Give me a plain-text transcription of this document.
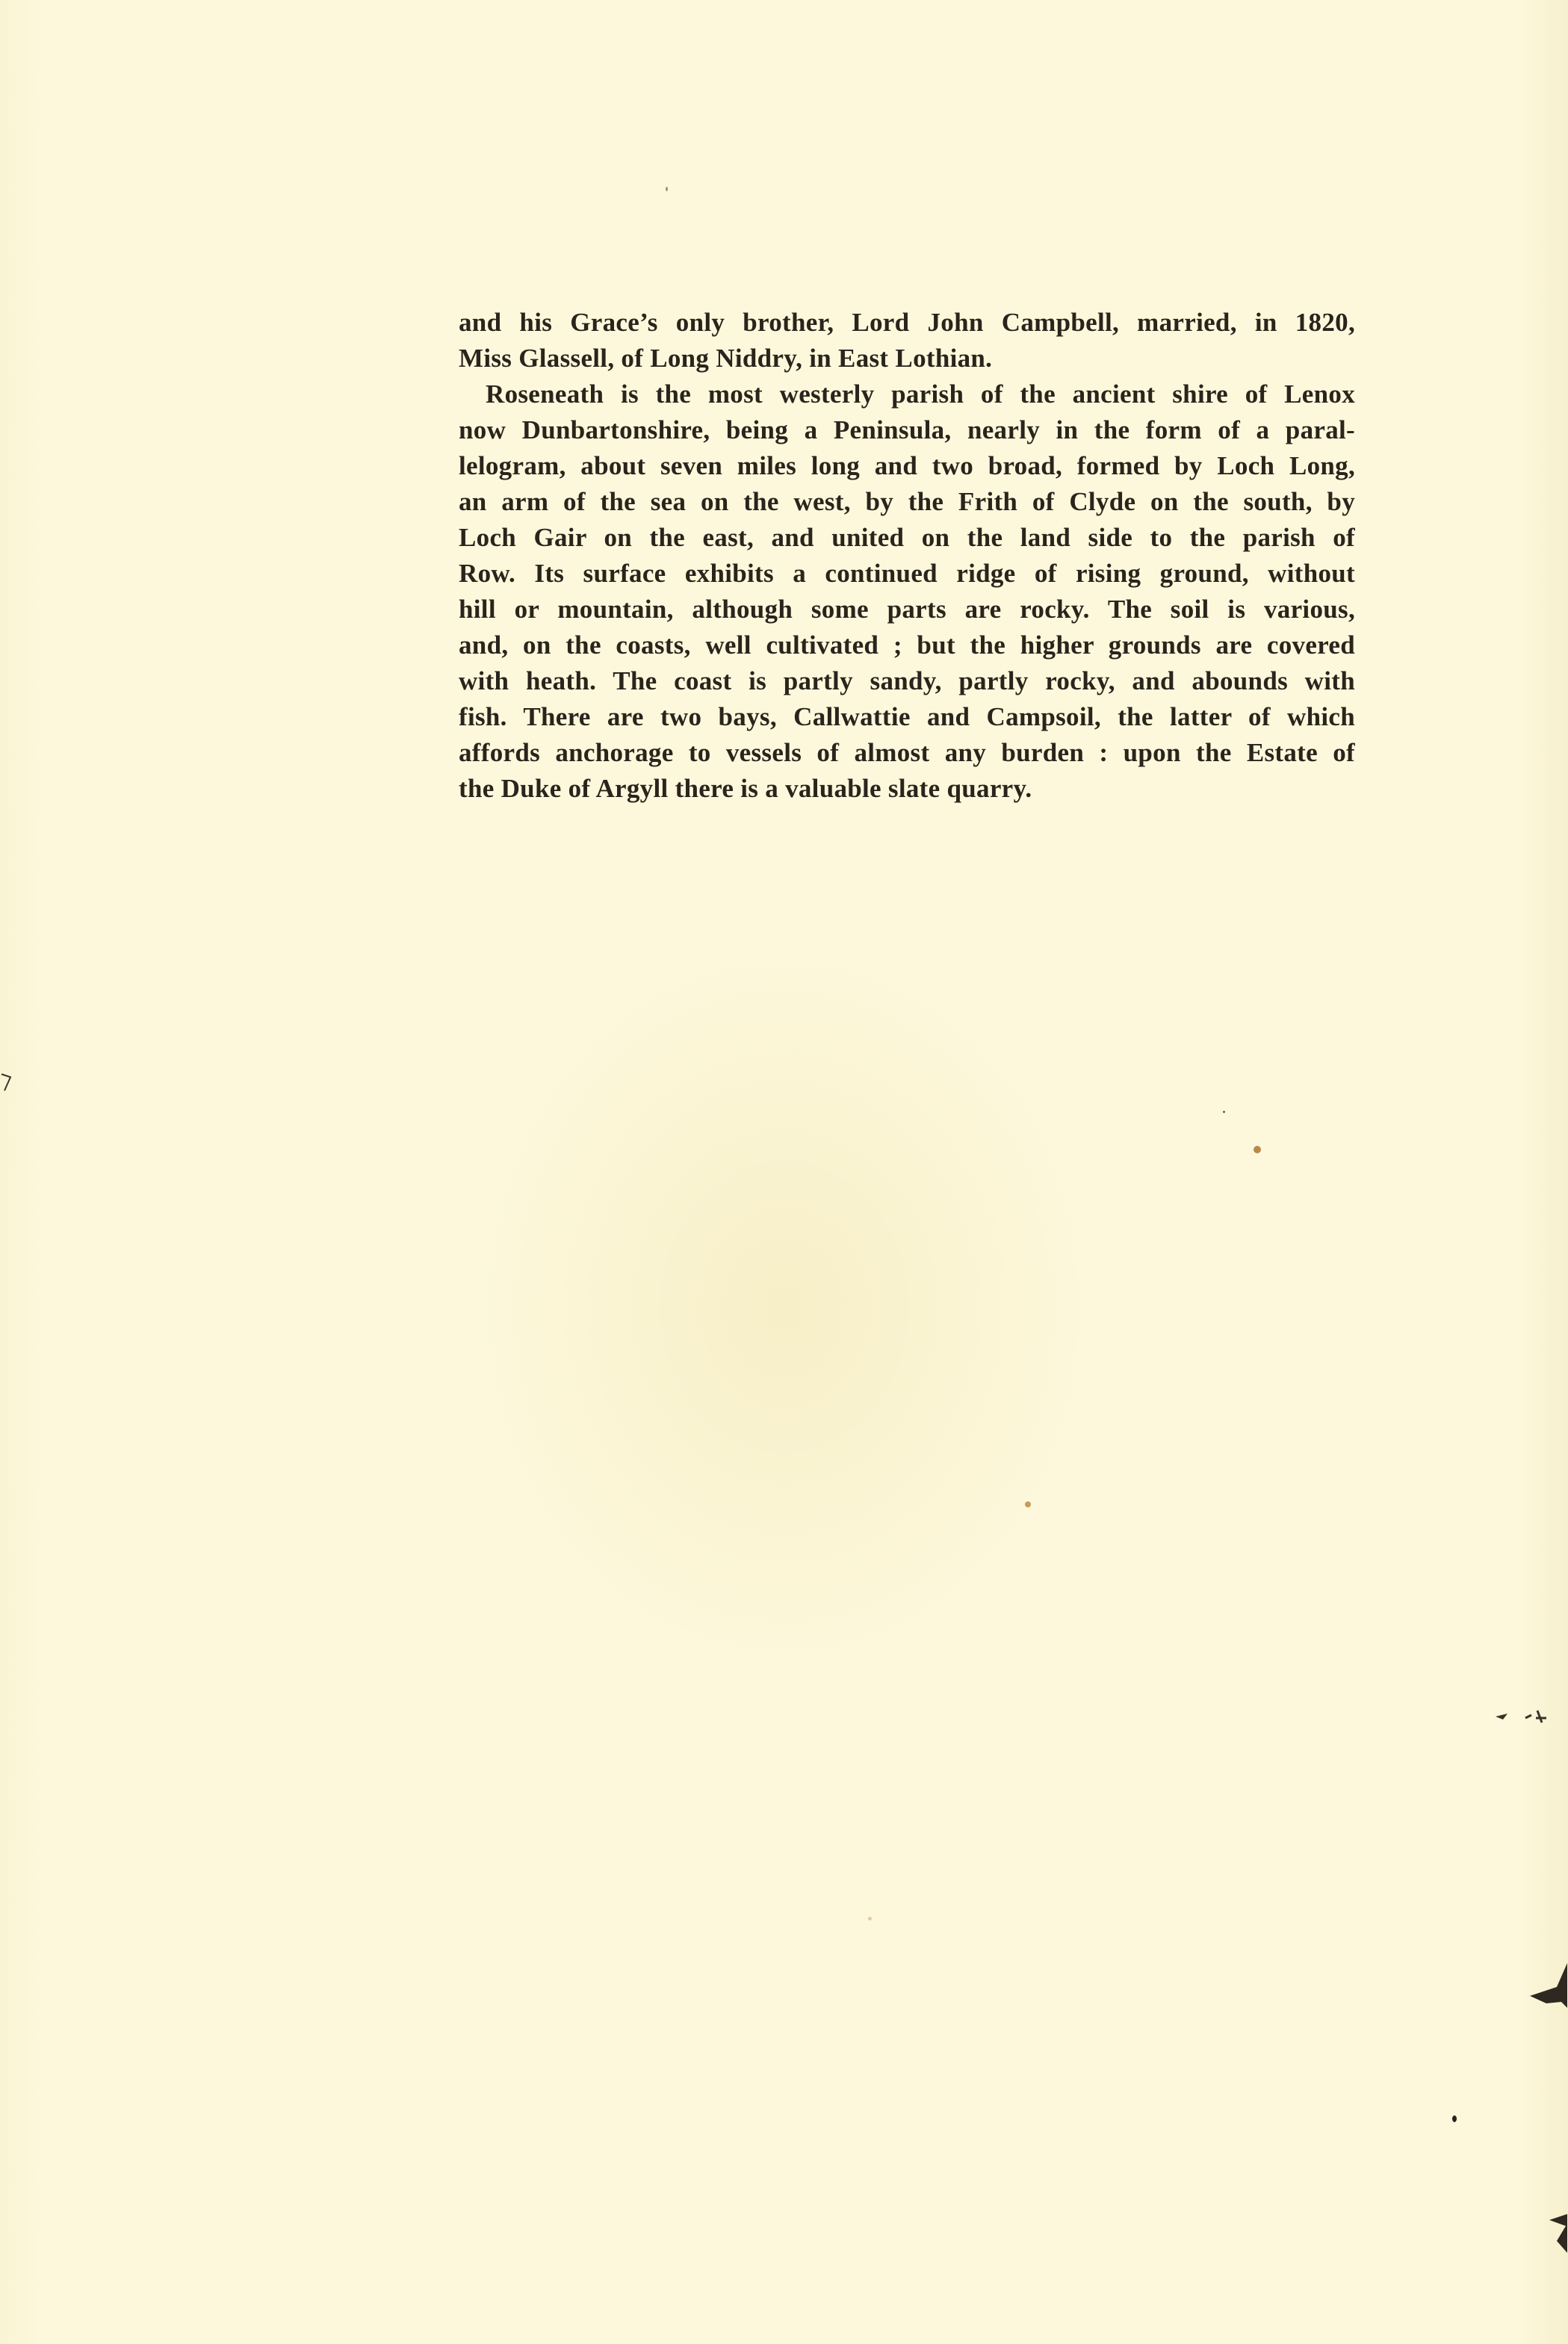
and his Grace’s only brother, Lord John Campbell, married, in 1820,
Miss Glassell, of Long Niddry, in East Lothian.
Roseneath is the most westerly parish of the ancient shire of Lenox
now Dunbartonshire, being a Peninsula, nearly in the form of a paral-
lelogram, about seven miles long and two broad, formed by Loch Long,
an arm of the sea on the west, by the Frith of Clyde on the south, by
Loch Gair on the east, and united on the land side to the parish of
Row. Its surface exhibits a continued ridge of rising ground, without
hill or mountain, although some parts are rocky. The soil is various,
and, on the coasts, well cultivated ; but the higher grounds are covered
with heath. The coast is partly sandy, partly rocky, and abounds with
fish. There are two bays, Callwattie and Campsoil, the latter of which
affords anchorage to vessels of almost any burden : upon the Estate of
the Duke of Argyll there is a valuable slate quarry.
